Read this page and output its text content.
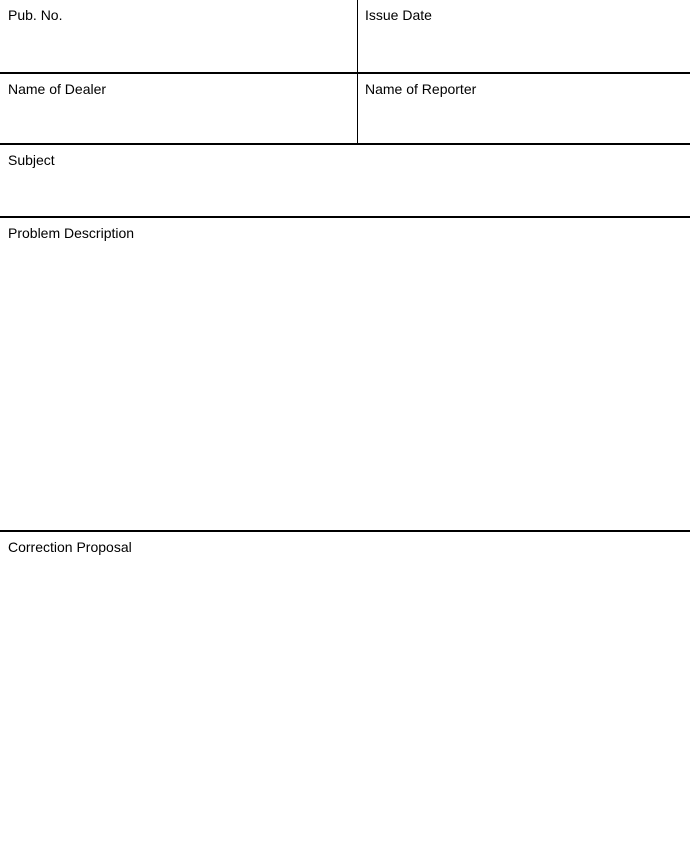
Pub. No.	Issue Date
Name of Dealer	Name of Reporter
Subject
Problem Description
Correction Proposal
